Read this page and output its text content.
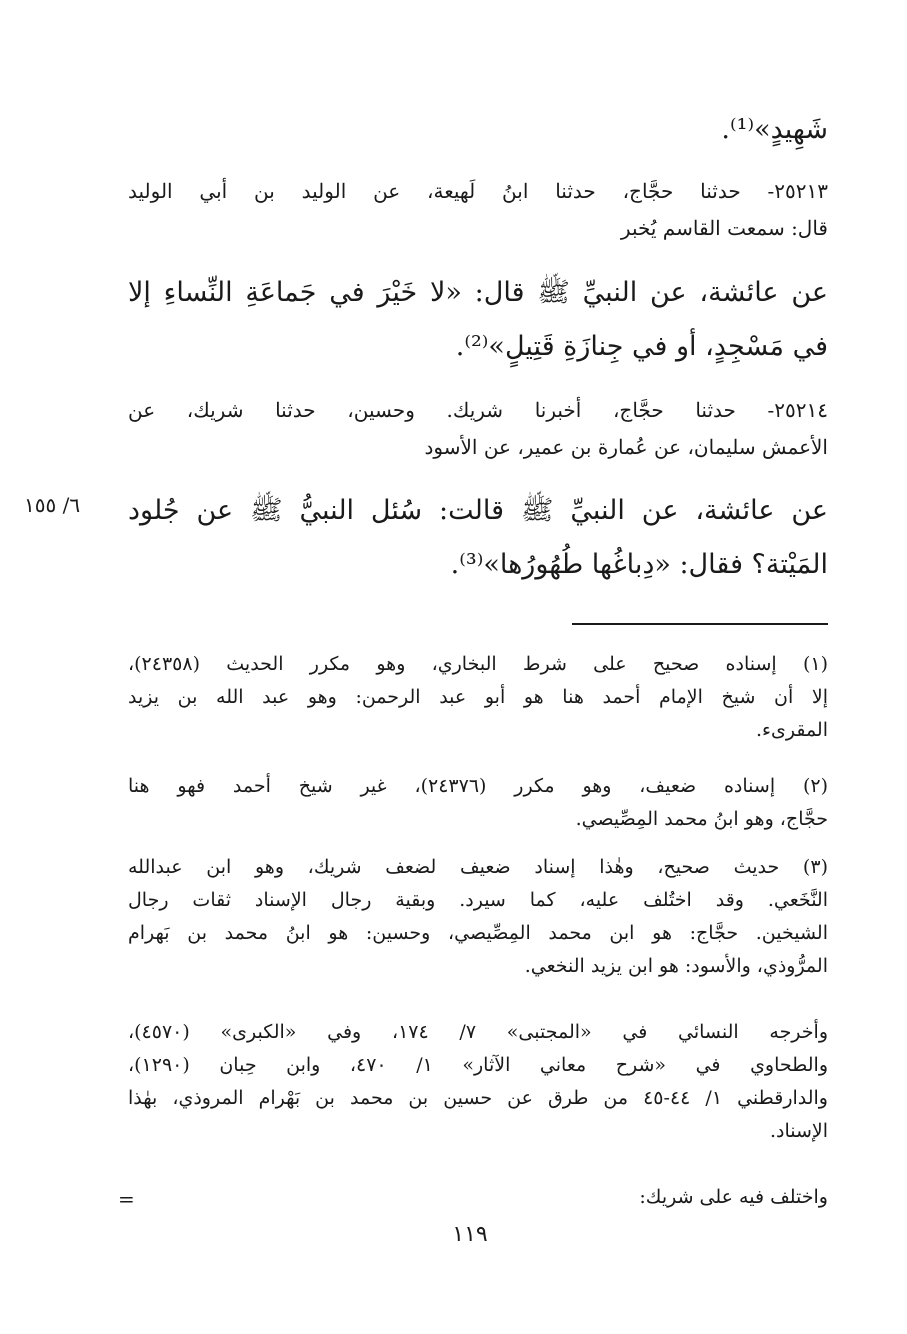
شَهِيدٍ»⁽¹⁾.
٢٥٢١٣- حدثنا حجَّاج، حدثنا ابنُ لَهيعة، عن الوليد بن أبي الوليد
قال: سمعت القاسم يُخبر
عن عائشة، عن النبيِّ ﷺ قال: «لا خَيْرَ في جَماعَةِ النِّساءِ إلا
في مَسْجِدٍ، أو في جِنازَةِ قَتِيلٍ»⁽²⁾.
٢٥٢١٤- حدثنا حجَّاج، أخبرنا شريك. وحسين، حدثنا شريك، عن
الأعمش سليمان، عن عُمارة بن عمير، عن الأسود
عن عائشة، عن النبيِّ ﷺ قالت: سُئل النبيُّ ﷺ عن جُلود
المَيْتة؟ فقال: «دِباغُها طُهُورُها»⁽³⁾.
٦/ ١٥٥
(١) إسناده صحيح على شرط البخاري، وهو مكرر الحديث (٢٤٣٥٨)،
إلا أن شيخ الإمام أحمد هنا هو أبو عبد الرحمن: وهو عبد الله بن يزيد
المقرىء.
(٢) إسناده ضعيف، وهو مكرر (٢٤٣٧٦)، غير شيخ أحمد فهو هنا
حجَّاج، وهو ابنُ محمد المِصِّيصي.
(٣) حديث صحيح، وهٰذا إسناد ضعيف لضعف شريك، وهو ابن عبدالله
النَّخَعي. وقد اختُلف عليه، كما سيرد. وبقية رجال الإسناد ثقات رجال
الشيخين. حجَّاج: هو ابن محمد المِصِّيصي، وحسين: هو ابنُ محمد بن بَهرام
المرُّوذي، والأسود: هو ابن يزيد النخعي.
وأخرجه النسائي في «المجتبى» ٧/ ١٧٤، وفي «الكبرى» (٤٥٧٠)،
والطحاوي في «شرح معاني الآثار» ١/ ٤٧٠، وابن حِبان (١٢٩٠)،
والدارقطني ١/ ٤٤-٤٥ من طرق عن حسين بن محمد بن بَهْرام المروذي، بهٰذا
الإسناد.
واختلف فيه على شريك:
=
١١٩
